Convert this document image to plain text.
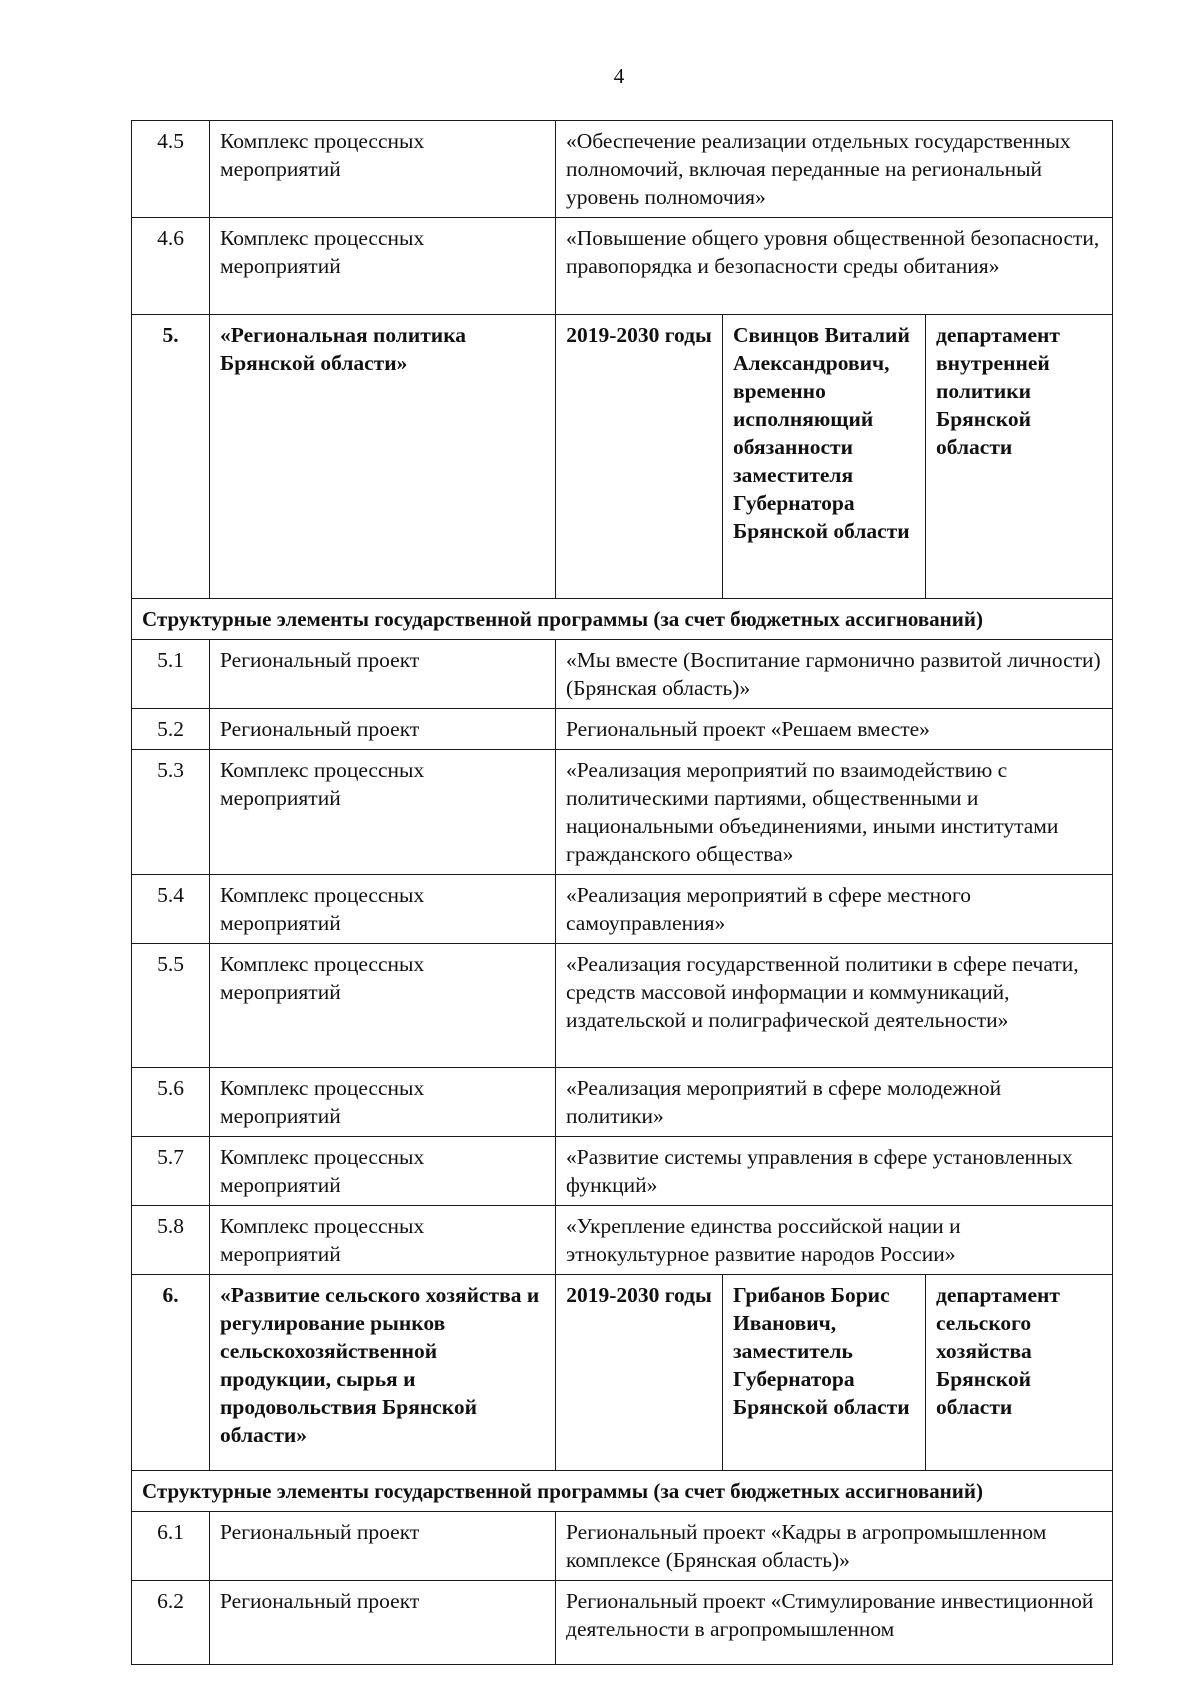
4
4.5	Комплекс процессных мероприятий	«Обеспечение реализации отдельных государственных полномочий, включая переданные на региональный уровень полномочия»		
4.6	Комплекс процессных мероприятий	«Повышение общего уровня общественной безопасности, правопорядка и безопасности среды обитания»		
5.	«Региональная политика Брянской области»	2019-2030 годы	Свинцов Виталий Александрович, временно исполняющий обязанности заместителя Губернатора Брянской области	департамент внутренней политики Брянской области
Структурные элементы государственной программы (за счет бюджетных ассигнований)				
5.1	Региональный проект	«Мы вместе (Воспитание гармонично развитой личности) (Брянская область)»		
5.2	Региональный проект	Региональный проект «Решаем вместе»		
5.3	Комплекс процессных мероприятий	«Реализация мероприятий по взаимодействию с политическими партиями, общественными и национальными объединениями, иными институтами гражданского общества»		
5.4	Комплекс процессных мероприятий	«Реализация мероприятий в сфере местного самоуправления»		
5.5	Комплекс процессных мероприятий	«Реализация государственной политики в сфере печати, средств массовой информации и коммуникаций, издательской и полиграфической деятельности»		
5.6	Комплекс процессных мероприятий	«Реализация мероприятий в сфере молодежной политики»		
5.7	Комплекс процессных мероприятий	«Развитие системы управления в сфере установленных функций»		
5.8	Комплекс процессных мероприятий	«Укрепление единства российской нации и этнокультурное развитие народов России»		
6.	«Развитие сельского хозяйства и регулирование рынков сельскохозяйственной продукции, сырья и продовольствия Брянской области»	2019-2030 годы	Грибанов Борис Иванович, заместитель Губернатора Брянской области	департамент сельского хозяйства Брянской области
Структурные элементы государственной программы (за счет бюджетных ассигнований)				
6.1	Региональный проект	Региональный проект «Кадры в агропромышленном комплексе (Брянская область)»		
6.2	Региональный проект	Региональный проект «Стимулирование инвестиционной деятельности в агропромышленном		
